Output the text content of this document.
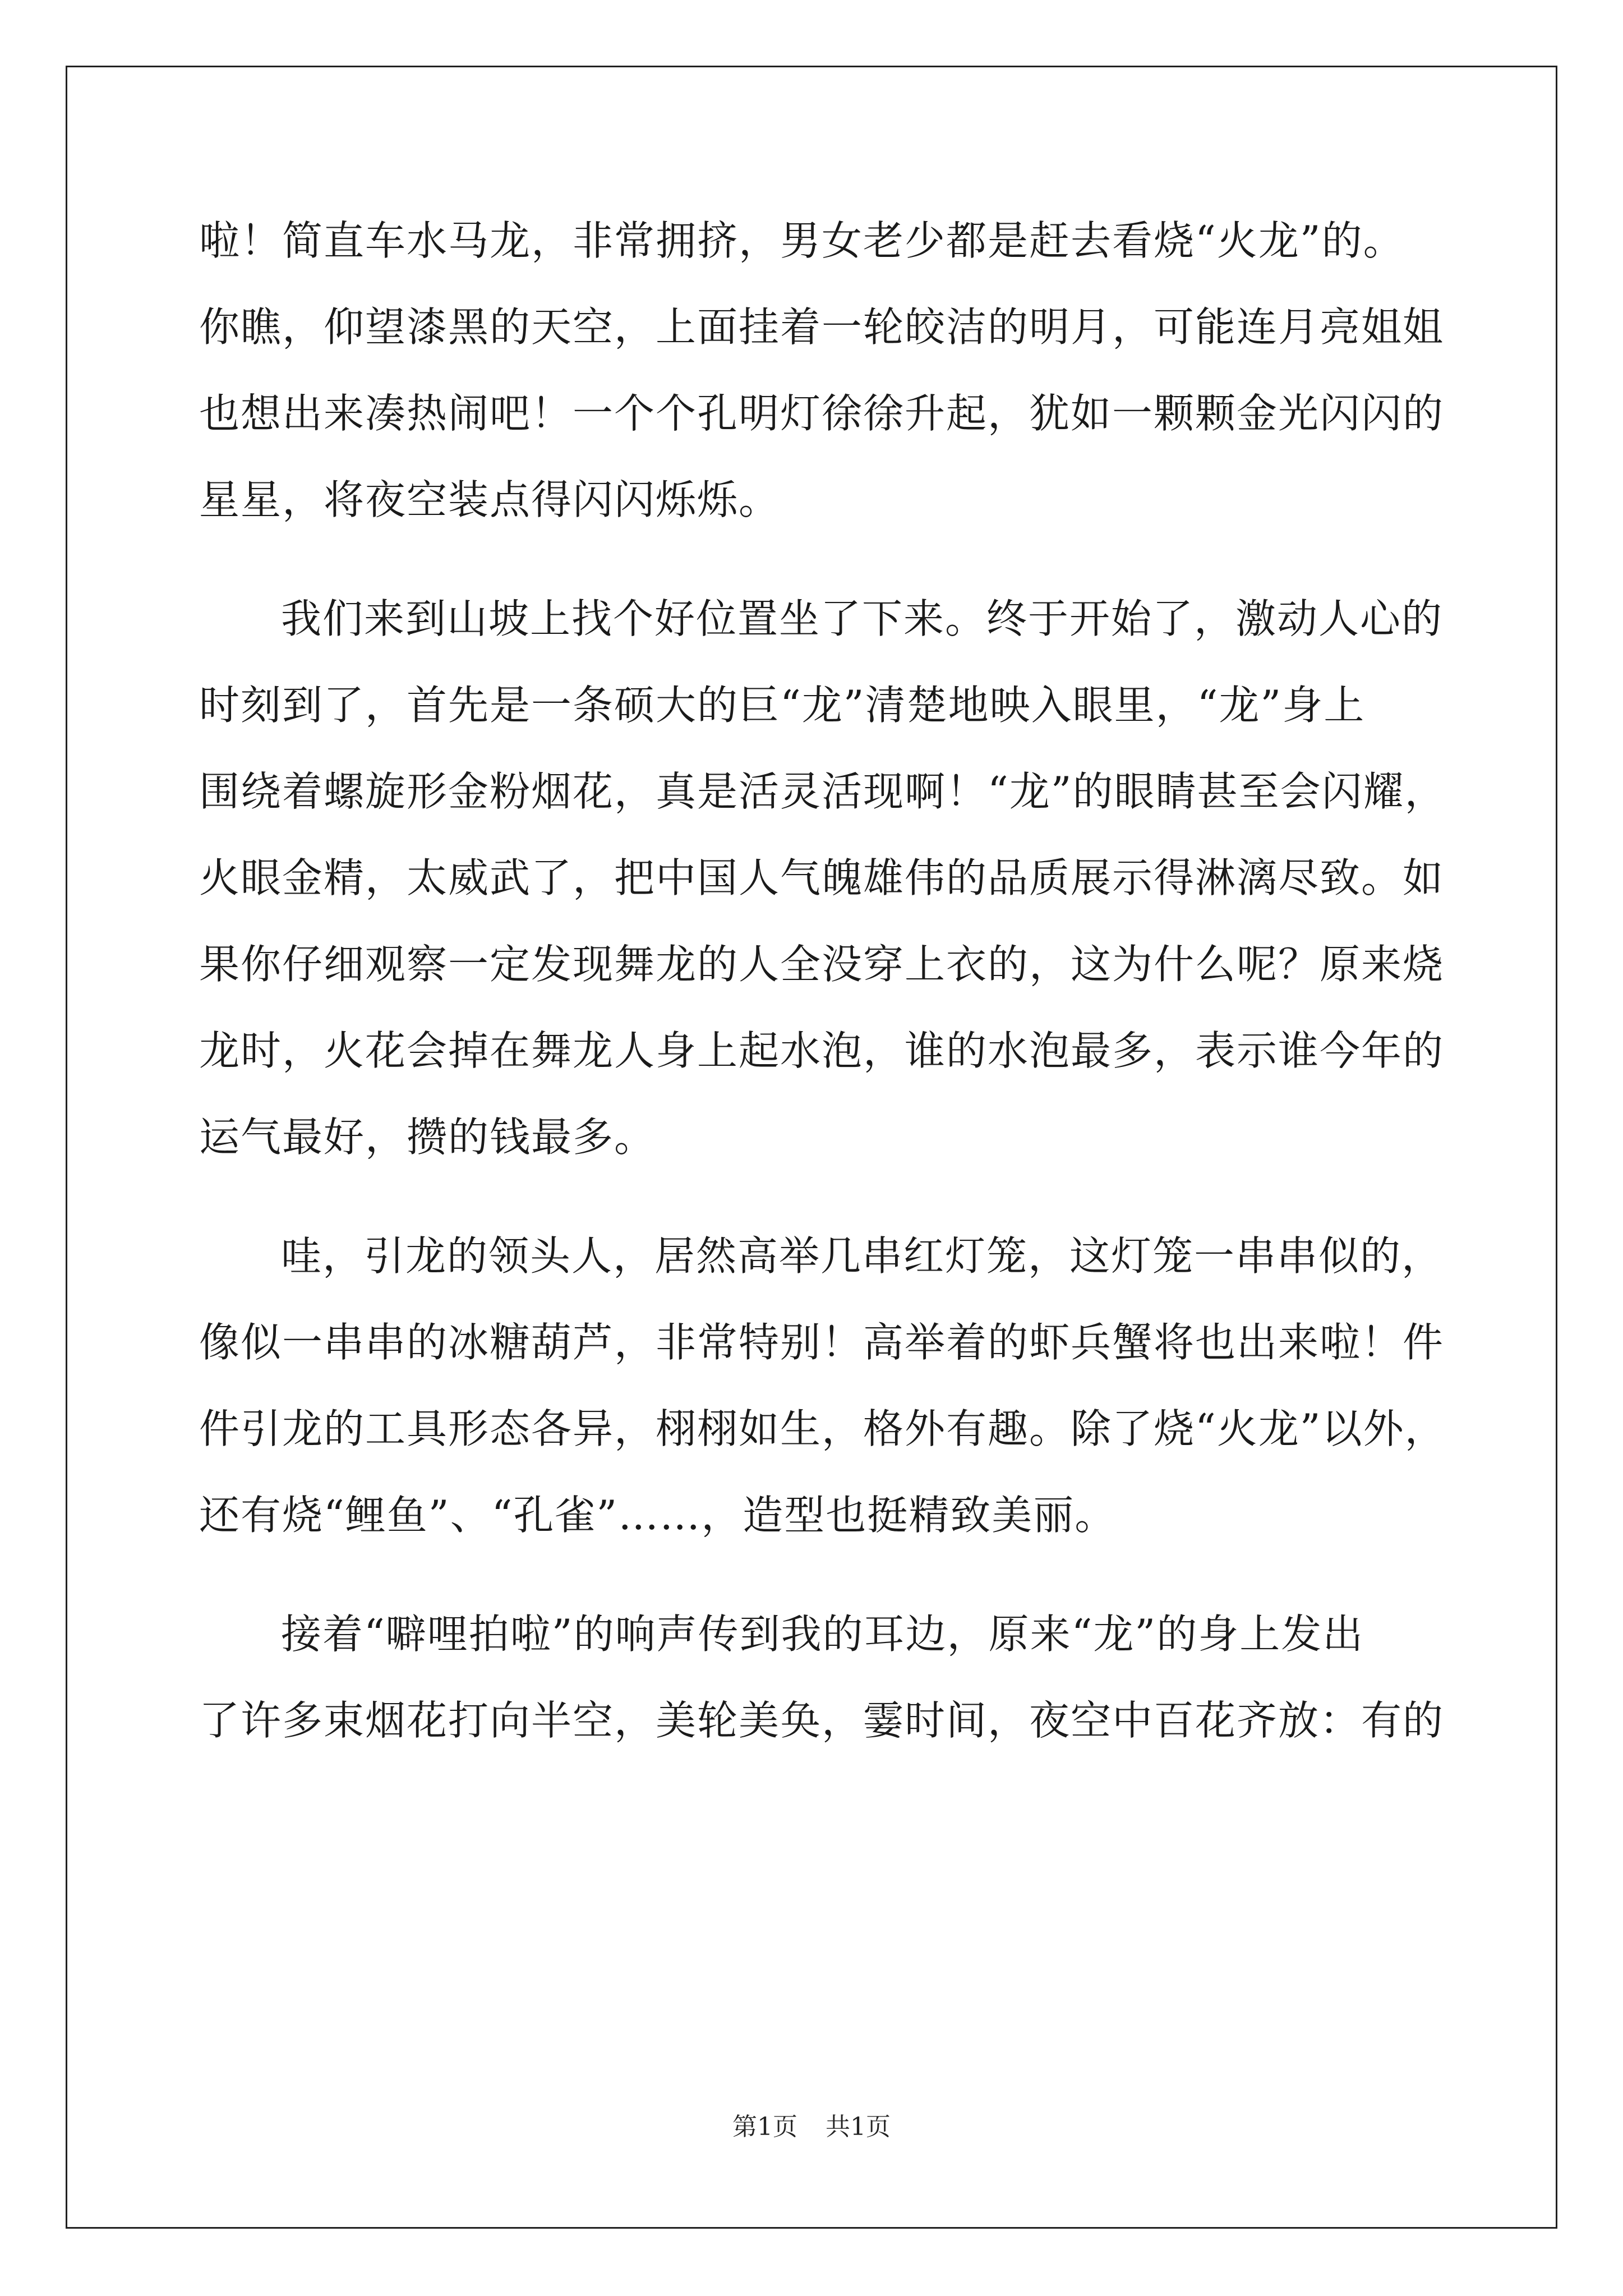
啦！简直车水马龙，非常拥挤，男女老少都是赶去看烧“火龙”的。
你瞧，仰望漆黑的天空，上面挂着一轮皎洁的明月，可能连月亮姐姐
也想出来凑热闹吧！一个个孔明灯徐徐升起，犹如一颗颗金光闪闪的
星星，将夜空装点得闪闪烁烁。
我们来到山坡上找个好位置坐了下来。终于开始了，激动人心的
时刻到了，首先是一条硕大的巨“龙”清楚地映入眼里，“龙”身上
围绕着螺旋形金粉烟花，真是活灵活现啊！“龙”的眼睛甚至会闪耀，
火眼金精，太威武了，把中国人气魄雄伟的品质展示得淋漓尽致。如
果你仔细观察一定发现舞龙的人全没穿上衣的，这为什么呢？原来烧
龙时，火花会掉在舞龙人身上起水泡，谁的水泡最多，表示谁今年的
运气最好，攒的钱最多。
哇，引龙的领头人，居然高举几串红灯笼，这灯笼一串串似的，
像似一串串的冰糖葫芦，非常特别！高举着的虾兵蟹将也出来啦！件
件引龙的工具形态各异，栩栩如生，格外有趣。除了烧“火龙”以外，
还有烧“鲤鱼”、“孔雀”……，造型也挺精致美丽。
接着“噼哩拍啦”的响声传到我的耳边，原来“龙”的身上发出
了许多束烟花打向半空，美轮美奂，霎时间，夜空中百花齐放：有的
第1页 共1页
